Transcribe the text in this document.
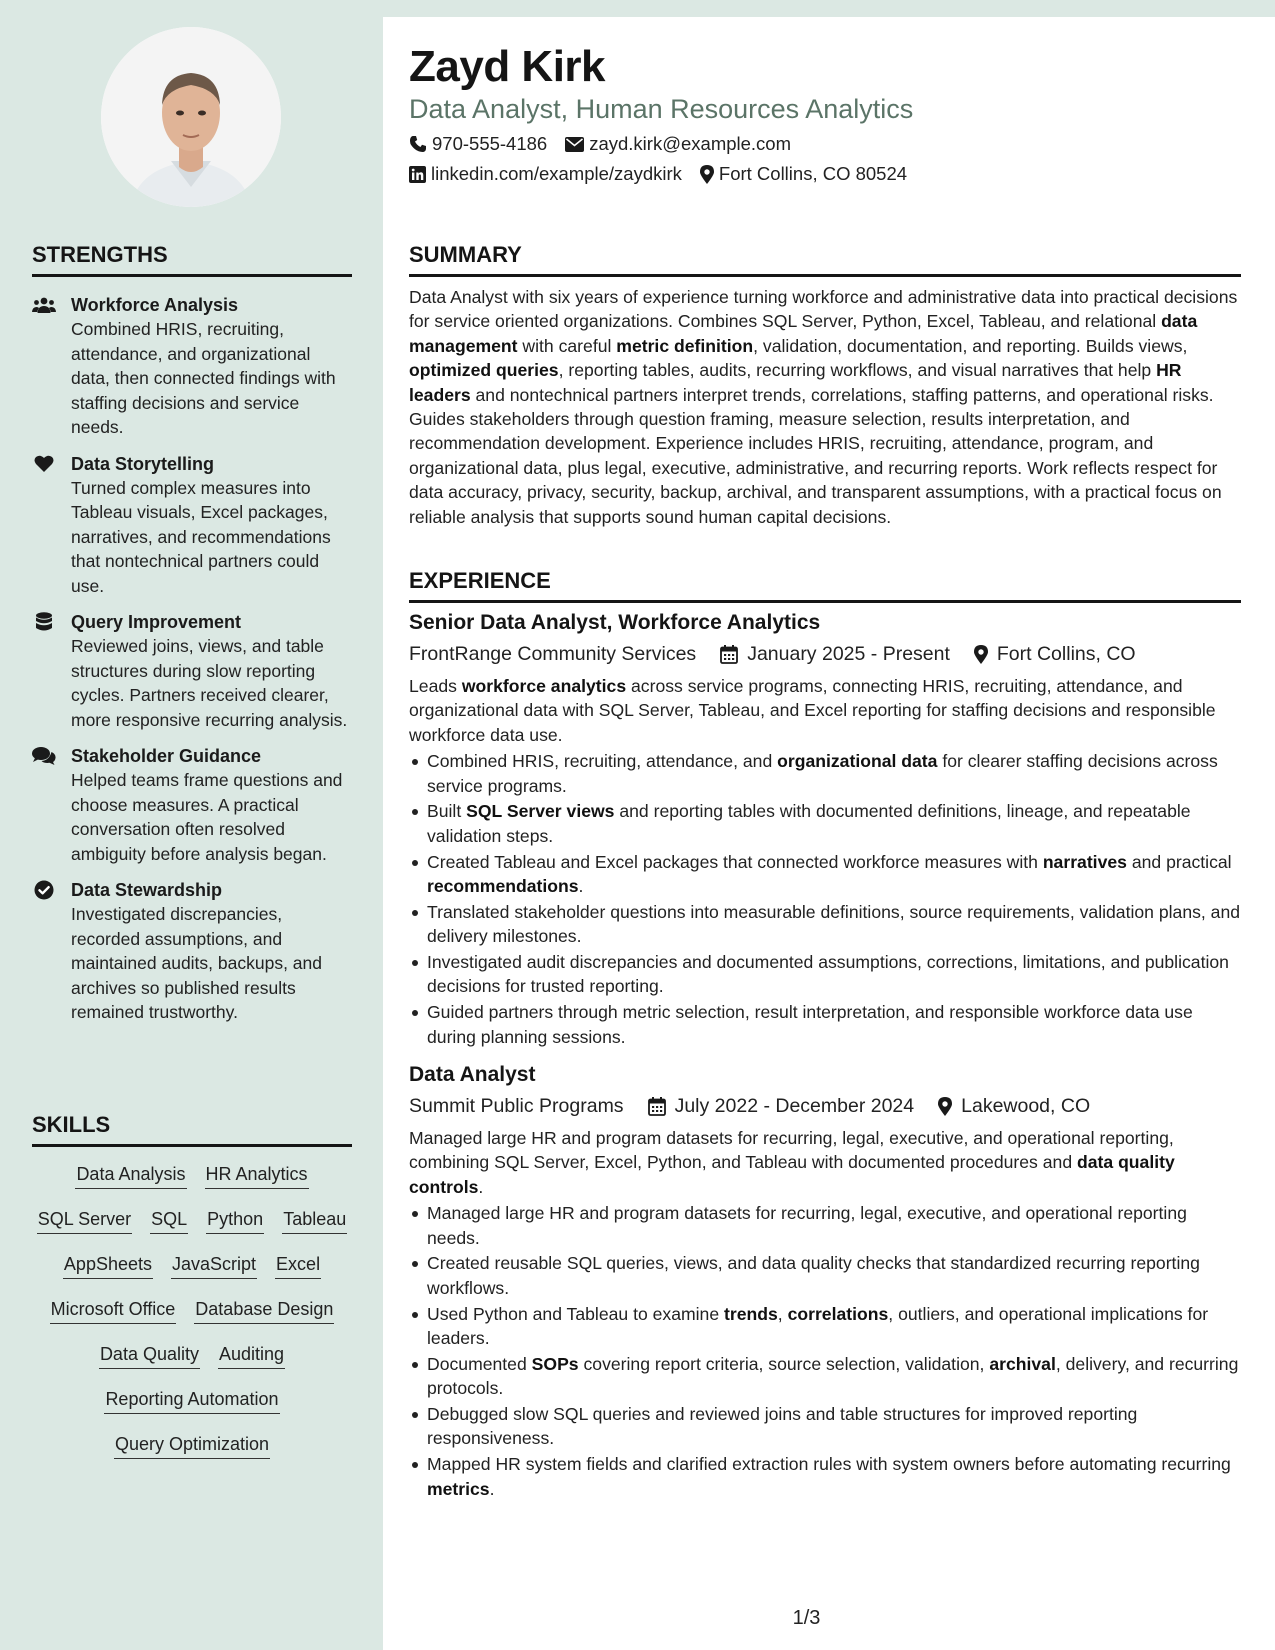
STRENGTHS
Workforce Analysis
Combined HRIS, recruiting, attendance, and organizational data, then connected findings with staffing decisions and service needs.
Data Storytelling
Turned complex measures into Tableau visuals, Excel packages, narratives, and recommendations that nontechnical partners could use.
Query Improvement
Reviewed joins, views, and table structures during slow reporting cycles. Partners received clearer, more responsive recurring analysis.
Stakeholder Guidance
Helped teams frame questions and choose measures. A practical conversation often resolved ambiguity before analysis began.
Data Stewardship
Investigated discrepancies, recorded assumptions, and maintained audits, backups, and archives so published results remained trustworthy.
SKILLS
Data Analysis HR Analytics
SQL Server SQL Python Tableau
AppSheets JavaScript Excel
Microsoft Office Database Design
Data Quality Auditing
Reporting Automation
Query Optimization
Zayd Kirk
Data Analyst, Human Resources Analytics
970-555-4186 zayd.kirk@example.com
linkedin.com/example/zaydkirk Fort Collins, CO 80524
SUMMARY
Data Analyst with six years of experience turning workforce and administrative data into practical decisions for service oriented organizations. Combines SQL Server, Python, Excel, Tableau, and relational data management with careful metric definition, validation, documentation, and reporting. Builds views, optimized queries, reporting tables, audits, recurring workflows, and visual narratives that help HR leaders and nontechnical partners interpret trends, correlations, staffing patterns, and operational risks. Guides stakeholders through question framing, measure selection, results interpretation, and recommendation development. Experience includes HRIS, recruiting, attendance, program, and organizational data, plus legal, executive, administrative, and recurring reports. Work reflects respect for data accuracy, privacy, security, backup, archival, and transparent assumptions, with a practical focus on reliable analysis that supports sound human capital decisions.
EXPERIENCE
Senior Data Analyst, Workforce Analytics
FrontRange Community Services	January 2025 - Present Fort Collins, CO
Leads workforce analytics across service programs, connecting HRIS, recruiting, attendance, and organizational data with SQL Server, Tableau, and Excel reporting for staffing decisions and responsible workforce data use.
Combined HRIS, recruiting, attendance, and organizational data for clearer staffing decisions across service programs.
Built SQL Server views and reporting tables with documented definitions, lineage, and repeatable validation steps.
Created Tableau and Excel packages that connected workforce measures with narratives and practical recommendations.
Translated stakeholder questions into measurable definitions, source requirements, validation plans, and delivery milestones.
Investigated audit discrepancies and documented assumptions, corrections, limitations, and publication decisions for trusted reporting.
Guided partners through metric selection, result interpretation, and responsible workforce data use during planning sessions.
Data Analyst
Summit Public Programs	July 2022 - December 2024 Lakewood, CO
Managed large HR and program datasets for recurring, legal, executive, and operational reporting, combining SQL Server, Excel, Python, and Tableau with documented procedures and data quality controls.
Managed large HR and program datasets for recurring, legal, executive, and operational reporting needs.
Created reusable SQL queries, views, and data quality checks that standardized recurring reporting workflows.
Used Python and Tableau to examine trends, correlations, outliers, and operational implications for leaders.
Documented SOPs covering report criteria, source selection, validation, archival, delivery, and recurring protocols.
Debugged slow SQL queries and reviewed joins and table structures for improved reporting responsiveness.
Mapped HR system fields and clarified extraction rules with system owners before automating recurring metrics.
1/3
